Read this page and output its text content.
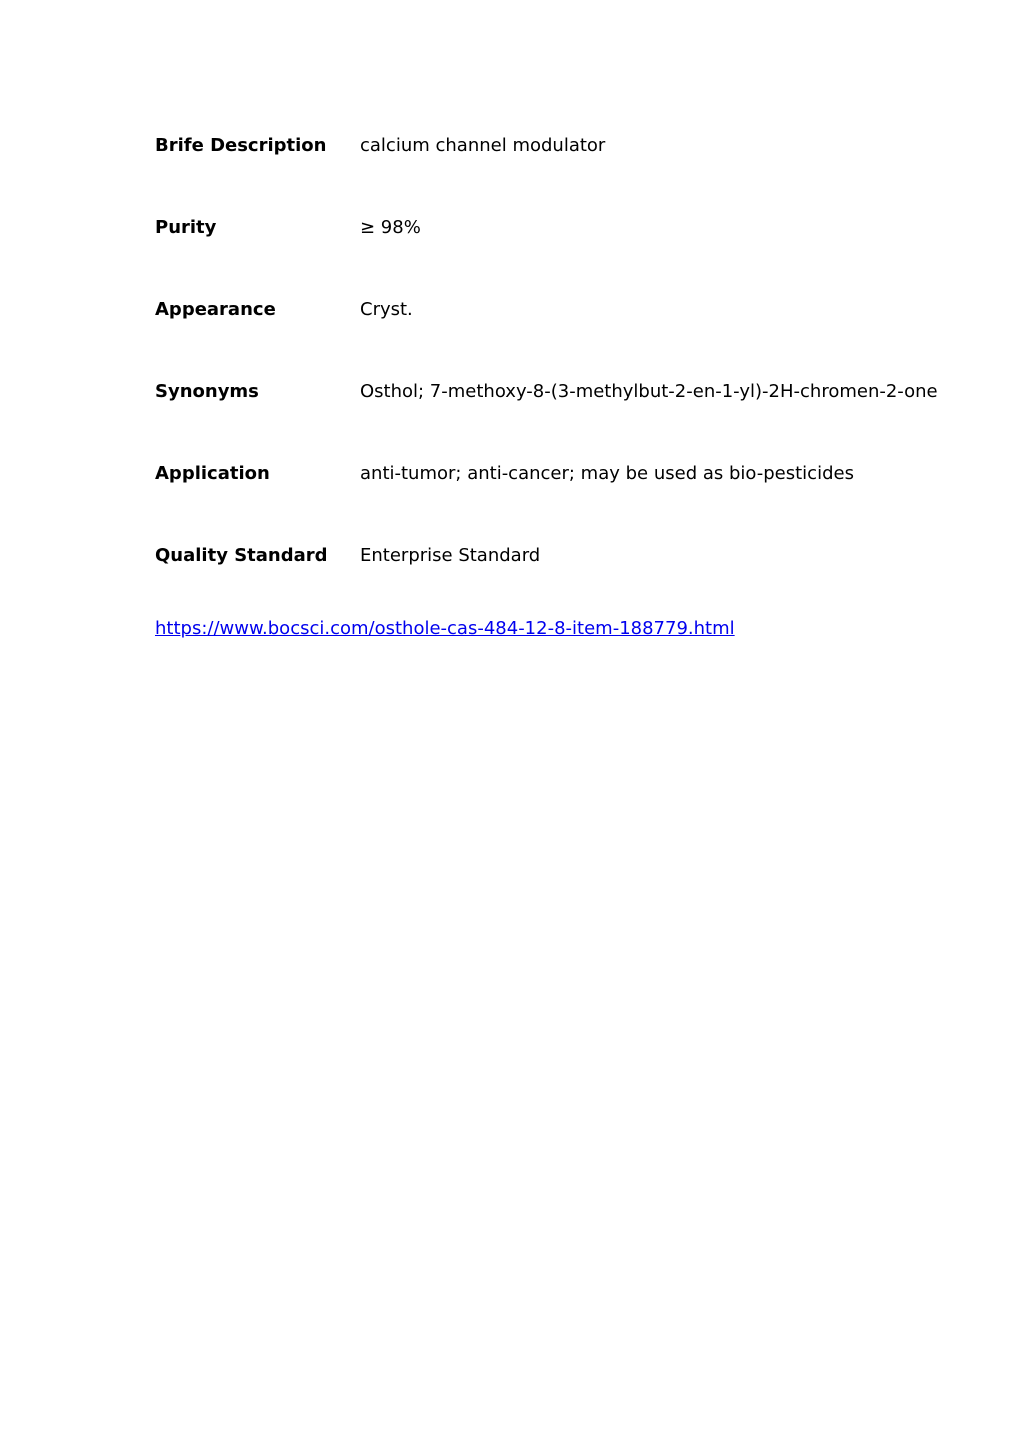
Brife Description	calcium channel modulator
Purity	≥ 98%
Appearance	Cryst.
Synonyms	Osthol; 7-methoxy-8-(3-methylbut-2-en-1-yl)-2H-chromen-2-one
Application	anti-tumor; anti-cancer; may be used as bio-pesticides
Quality Standard	Enterprise Standard
https://www.bocsci.com/osthole-cas-484-12-8-item-188779.html
